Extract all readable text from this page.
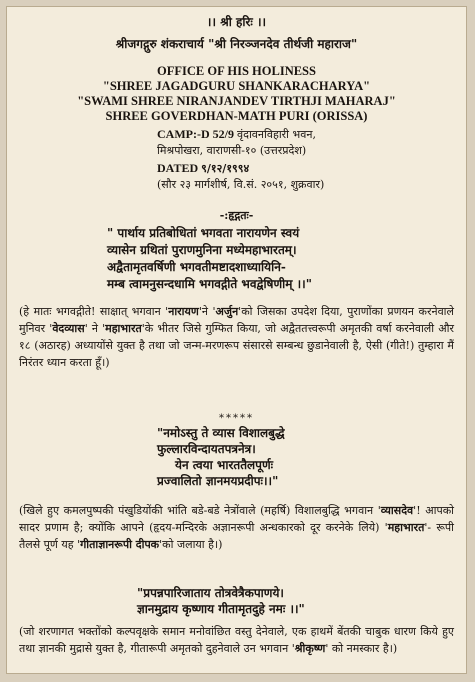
।। श्री हरिः ।।
श्रीजगद्गुरु शंकराचार्य "श्री निरञ्जनदेव तीर्थजी महाराज"
OFFICE OF HIS HOLINESS
"SHREE JAGADGURU SHANKARACHARYA"
"SWAMI SHREE NIRANJANDEV TIRTHJI MAHARAJ"
SHREE GOVERDHAN-MATH PURI (ORISSA)
CAMP:-D 52/9 वृंदावनविहारी भवन,
मिश्रपोखरा, वाराणसी-१० (उत्तरप्रदेश)
DATED ९/१२/१९९४
(सौर २३ मार्गशीर्ष, वि.सं. २०५१, शुक्रवार)
-:हृद्गतः-
" पार्थाय प्रतिबोधितां भगवता नारायणेन स्वयं
व्यासेन ग्रथितां पुराणमुनिना मध्येमहाभारतम्।
अद्वैतामृतवर्षिणी भगवतीमष्टादशाध्यायिनि-
मम्ब त्वामनुसन्दधामि भगवद्गीते भवद्वेषिणीम् ।।"
(हे मातः भगवद्गीते! साक्षात् भगवान 'नारायण'ने 'अर्जुन'को जिसका उपदेश दिया, पुराणोंका प्रणयन करनेवाले मुनिवर 'वेदव्यास' ने 'महाभारत'के भीतर जिसे गुम्फित किया, जो अद्वैततत्त्वरूपी अमृतकी वर्षा करनेवाली और १८ (अठारह) अध्यायोंसे युक्त है तथा जो जन्म-मरणरूप संसारसे सम्बन्ध छुडानेवाली है, ऐसी (गीते!) तुम्हारा मैं निरंतर ध्यान करता हूँ।)
*****
"नमोऽस्तु ते व्यास विशालबुद्धे
फुल्लारविन्दायतपत्रनेत्र।
येन त्वया भारततैलपूर्णः
प्रज्वालितो ज्ञानमयप्रदीपः।।"
(खिले हुए कमलपुष्पकी पंखुडियोंकी भांति बडे-बडे नेत्रोंवाले (महर्षि) विशालबुद्धि भगवान 'व्यासदेव'! आपको सादर प्रणाम है; क्योंकि आपने (हृदय-मन्दिरके अज्ञानरूपी अन्धकारको दूर करनेके लिये) 'महाभारत'- रूपी तैलसे पूर्ण यह 'गीताज्ञानरूपी दीपक'को जलाया है।)
"प्रपन्नपारिजाताय तोत्रवेत्रैकपाणये।
ज्ञानमुद्राय कृष्णाय गीतामृतदुहे नमः ।।"
(जो शरणागत भक्तोंको कल्पवृक्षके समान मनोवांछित वस्तु देनेवाले, एक हाथमें बेंतकी चाबुक धारण किये हुए तथा ज्ञानकी मुद्रासे युक्त है, गीतारूपी अमृतको दुहनेवाले उन भगवान 'श्रीकृष्ण' को नमस्कार है।)
